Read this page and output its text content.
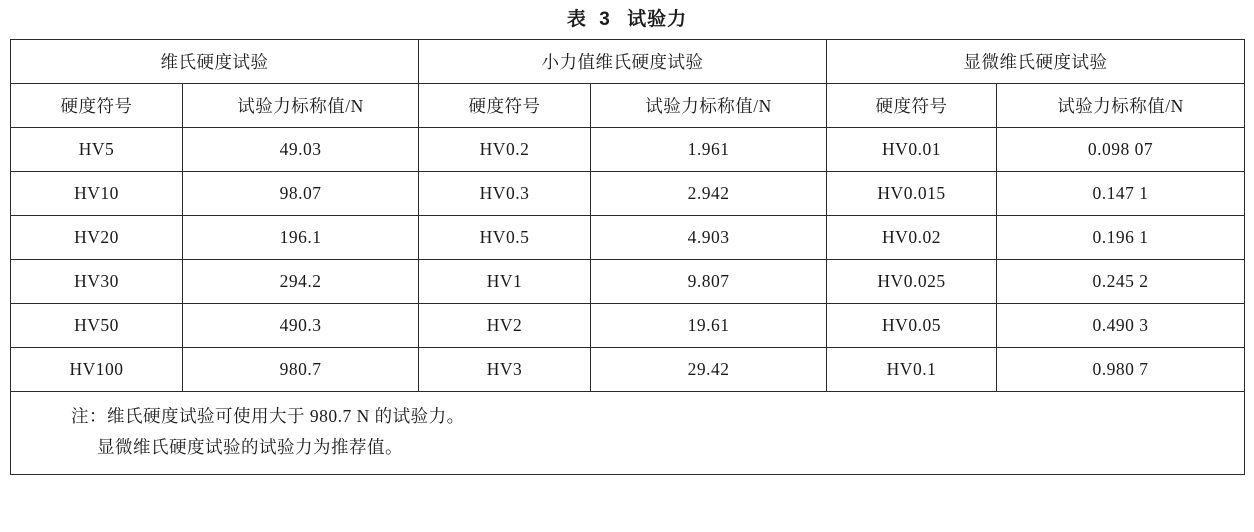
表 3 试验力
维氏硬度试验		小力值维氏硬度试验		显微维氏硬度试验	
硬度符号	试验力标称值/N	硬度符号	试验力标称值/N	硬度符号	试验力标称值/N
HV5	49.03	HV0.2	1.961	HV0.01	0.098 07
HV10	98.07	HV0.3	2.942	HV0.015	0.147 1
HV20	196.1	HV0.5	4.903	HV0.02	0.196 1
HV30	294.2	HV1	9.807	HV0.025	0.245 2
HV50	490.3	HV2	19.61	HV0.05	0.490 3
HV100	980.7	HV3	29.42	HV0.1	0.980 7

注：维氏硬度试验可使用大于 980.7 N 的试验力。
显微维氏硬度试验的试验力为推荐值。					
